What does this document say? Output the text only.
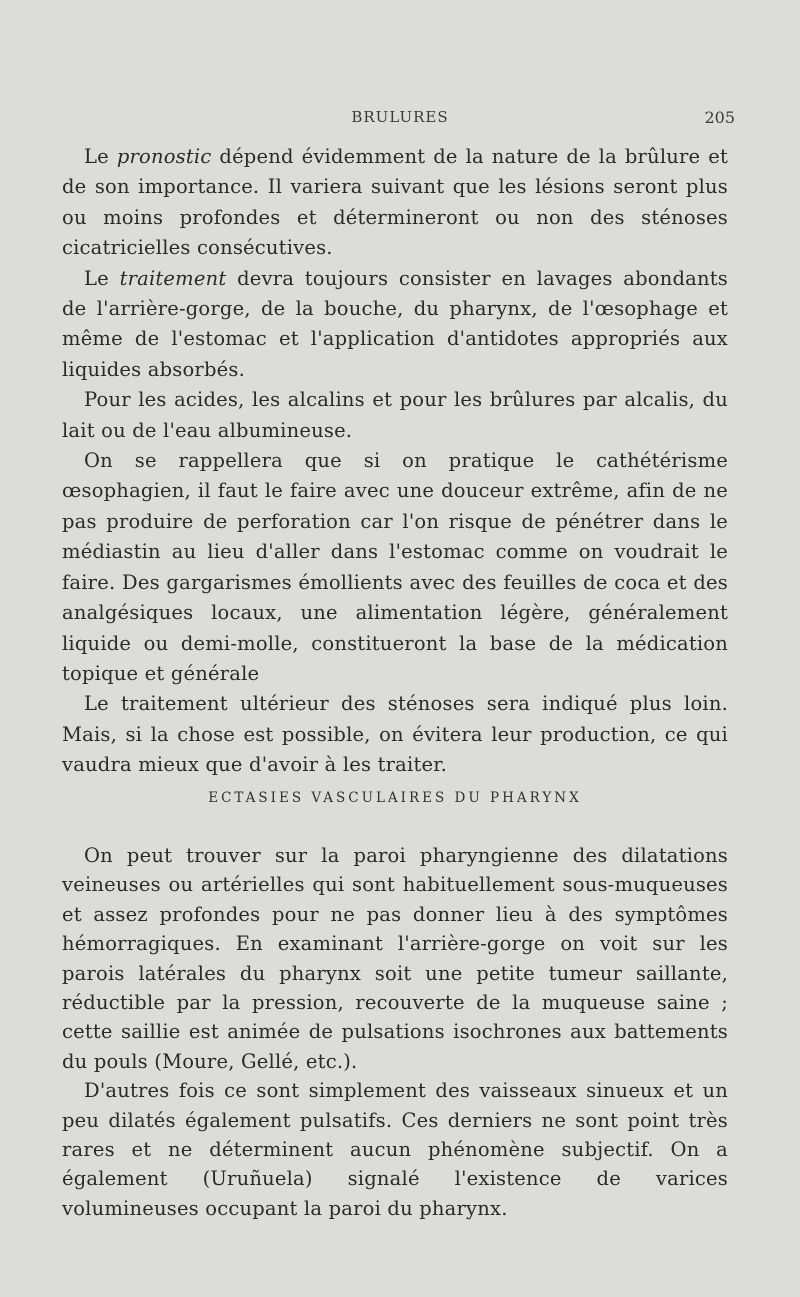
BRULURES	205

Le pronostic dépend évidemment de la nature de la brûlure et de son importance. Il variera suivant que les lésions seront plus ou moins profondes et détermineront ou non des sténoses cicatricielles consécutives.

Le traitement devra toujours consister en lavages abondants de l'arrière-gorge, de la bouche, du pharynx, de l'œsophage et même de l'estomac et l'application d'antidotes appropriés aux liquides absorbés.

Pour les acides, les alcalins et pour les brûlures par alcalis, du lait ou de l'eau albumineuse.

On se rappellera que si on pratique le cathétérisme œsophagien, il faut le faire avec une douceur extrême, afin de ne pas produire de perforation car l'on risque de pénétrer dans le médiastin au lieu d'aller dans l'estomac comme on voudrait le faire. Des gargarismes émollients avec des feuilles de coca et des analgésiques locaux, une alimentation légère, généralement liquide ou demi-molle, constitueront la base de la médication topique et générale

Le traitement ultérieur des sténoses sera indiqué plus loin. Mais, si la chose est possible, on évitera leur production, ce qui vaudra mieux que d'avoir à les traiter.

ECTASIES VASCULAIRES DU PHARYNX

On peut trouver sur la paroi pharyngienne des dilatations veineuses ou artérielles qui sont habituellement sous-muqueuses et assez profondes pour ne pas donner lieu à des symptômes hémorragiques. En examinant l'arrière-gorge on voit sur les parois latérales du pharynx soit une petite tumeur saillante, réductible par la pression, recouverte de la muqueuse saine ; cette saillie est animée de pulsations isochrones aux battements du pouls (Moure, Gellé, etc.).

D'autres fois ce sont simplement des vaisseaux sinueux et un peu dilatés également pulsatifs. Ces derniers ne sont point très rares et ne déterminent aucun phénomène subjectif. On a également (Uruñuela) signalé l'existence de varices volumineuses occupant la paroi du pharynx.
